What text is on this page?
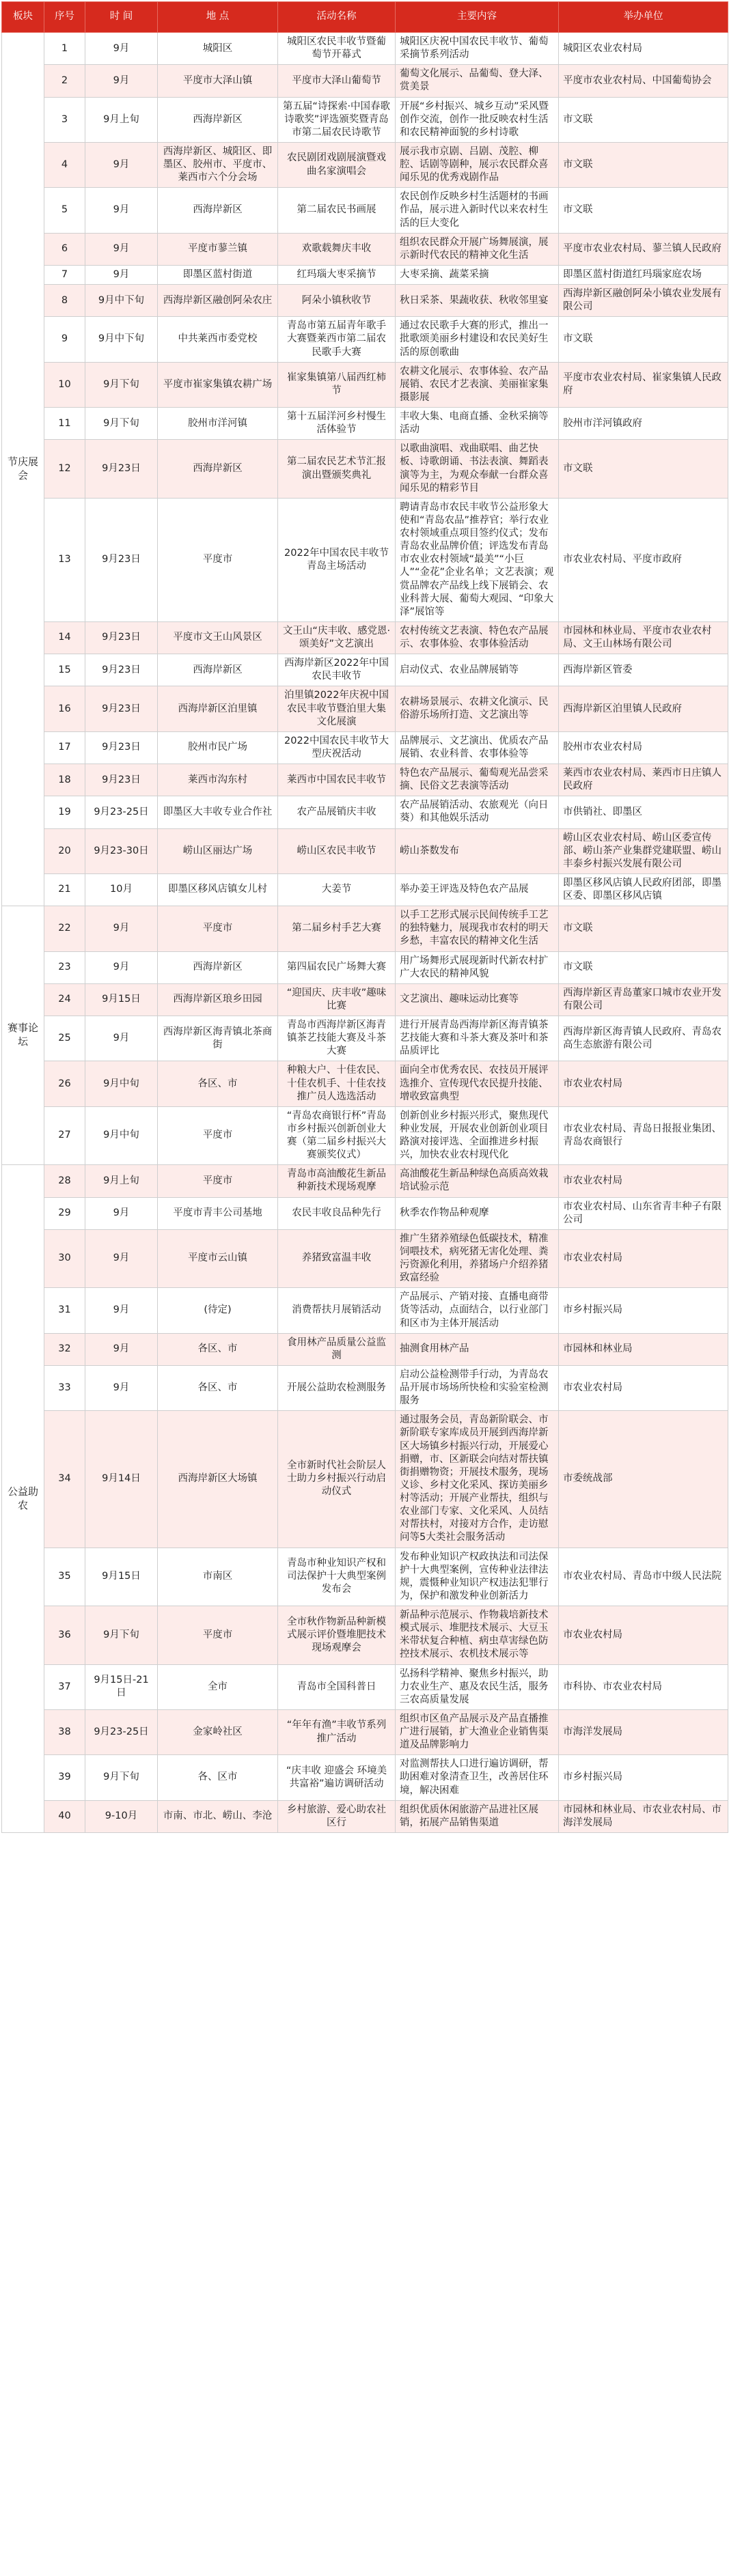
板块	序号	时 间	地 点	活动名称	主要内容	举办单位
节庆展会	1	9月	城阳区	城阳区农民丰收节暨葡萄节开幕式	城阳区庆祝中国农民丰收节、葡萄采摘节系列活动	城阳区农业农村局
	2	9月	平度市大泽山镇	平度市大泽山葡萄节	葡萄文化展示、品葡萄、登大泽、赏美景	平度市农业农村局、中国葡萄协会
	3	9月上旬	西海岸新区	第五届“诗探索·中国春歌诗歌奖”评选颁奖暨青岛市第二届农民诗歌节	开展“乡村振兴、城乡互动”采风暨创作交流，创作一批反映农村生活和农民精神面貌的乡村诗歌	市文联
	4	9月	西海岸新区、城阳区、即墨区、胶州市、平度市、莱西市六个分会场	农民剧团戏剧展演暨戏曲名家演唱会	展示我市京剧、吕剧、茂腔、柳腔、话剧等剧种，展示农民群众喜闻乐见的优秀戏剧作品	市文联
	5	9月	西海岸新区	第二届农民书画展	农民创作反映乡村生活题材的书画作品，展示进入新时代以来农村生活的巨大变化	市文联
	6	9月	平度市蓼兰镇	欢歌载舞庆丰收	组织农民群众开展广场舞展演，展示新时代农民的精神文化生活	平度市农业农村局、蓼兰镇人民政府
	7	9月	即墨区蓝村街道	红玛瑙大枣采摘节	大枣采摘、蔬菜采摘	即墨区蓝村街道红玛瑙家庭农场
	8	9月中下旬	西海岸新区融创阿朵农庄	阿朵小镇秋收节	秋日采茶、果蔬收获、秋收邻里宴	西海岸新区融创阿朵小镇农业发展有限公司
	9	9月中下旬	中共莱西市委党校	青岛市第五届青年歌手大赛暨莱西市第二届农民歌手大赛	通过农民歌手大赛的形式，推出一批歌颂美丽乡村建设和农民美好生活的原创歌曲	市文联
	10	9月下旬	平度市崔家集镇农耕广场	崔家集镇第八届西红柿节	农耕文化展示、农事体验、农产品展销、农民才艺表演、美丽崔家集摄影展	平度市农业农村局、崔家集镇人民政府
	11	9月下旬	胶州市洋河镇	第十五届洋河乡村慢生活体验节	丰收大集、电商直播、金秋采摘等活动	胶州市洋河镇政府
	12	9月23日	西海岸新区	第二届农民艺术节汇报演出暨颁奖典礼	以歌曲演唱、戏曲联唱、曲艺快板、诗歌朗诵、书法表演、舞蹈表演等为主，为观众奉献一台群众喜闻乐见的精彩节目	市文联
	13	9月23日	平度市	2022年中国农民丰收节青岛主场活动	聘请青岛市农民丰收节公益形象大使和“青岛农品”推荐官；举行农业农村领域重点项目签约仪式；发布青岛农业品牌价值；评选发布青岛市农业农村领域“最美”“小巨人”“金花”企业名单；文艺表演；观赏品牌农产品线上线下展销会、农业科普大展、葡萄大观园、“印象大泽”展馆等	市农业农村局、平度市政府
	14	9月23日	平度市文王山风景区	文王山“庆丰收、感党恩·颂美好”文艺演出	农村传统文艺表演、特色农产品展示、农事体验、农事体验活动	市园林和林业局、平度市农业农村局、文王山林场有限公司
	15	9月23日	西海岸新区	西海岸新区2022年中国农民丰收节	启动仪式、农业品牌展销等	西海岸新区管委
	16	9月23日	西海岸新区泊里镇	泊里镇2022年庆祝中国农民丰收节暨泊里大集文化展演	农耕场景展示、农耕文化演示、民俗游乐场所打造、文艺演出等	西海岸新区泊里镇人民政府
	17	9月23日	胶州市民广场	2022中国农民丰收节大型庆祝活动	品牌展示、文艺演出、优质农产品展销、农业科普、农事体验等	胶州市农业农村局
	18	9月23日	莱西市沟东村	莱西市中国农民丰收节	特色农产品展示、葡萄观光品尝采摘、民俗文艺表演等活动	莱西市农业农村局、莱西市日庄镇人民政府
	19	9月23-25日	即墨区大丰收专业合作社	农产品展销庆丰收	农产品展销活动、农旅观光（向日葵）和其他娱乐活动	市供销社、即墨区
	20	9月23-30日	崂山区丽达广场	崂山区农民丰收节	崂山茶数发布	崂山区农业农村局、崂山区委宣传部、崂山茶产业集群党建联盟、崂山丰泰乡村振兴发展有限公司
	21	10月	即墨区移风店镇女儿村	大姜节	举办姜王评选及特色农产品展	即墨区移风店镇人民政府团部，即墨区委、即墨区移风店镇
赛事论坛	22	9月	平度市	第二届乡村手艺大赛	以手工艺形式展示民间传统手工艺的独特魅力，展现我市农村的明天乡愁，丰富农民的精神文化生活	市文联
	23	9月	西海岸新区	第四届农民广场舞大赛	用广场舞形式展现新时代新农村扩广大农民的精神风貌	市文联
	24	9月15日	西海岸新区琅乡田园	“迎国庆、庆丰收”趣味比赛	文艺演出、趣味运动比赛等	西海岸新区青岛董家口城市农业开发有限公司
	25	9月	西海岸新区海青镇北茶商街	青岛市西海岸新区海青镇茶艺技能大赛及斗茶大赛	进行开展青岛西海岸新区海青镇茶艺技能大赛和斗茶大赛及茶叶和茶品质评比	西海岸新区海青镇人民政府、青岛农高生态旅游有限公司
	26	9月中旬	各区、市	种粮大户、十佳农民、十佳农机手、十佳农技推广员人选选活动	面向全市优秀农民、农技员开展评选推介、宣传现代农民提升技能、增收致富典型	市农业农村局
	27	9月中旬	平度市	“青岛农商银行杯”青岛市乡村振兴创新创业大赛（第二届乡村振兴大赛颁奖仪式）	创新创业乡村振兴形式，聚焦现代种业发展，开展农业创新创业项目路演对接评选、全面推进乡村振兴，加快农业农村现代化	市农业农村局、青岛日报报业集团、青岛农商银行
公益助农	28	9月上旬	平度市	青岛市高油酸花生新品种新技术现场观摩	高油酸花生新品种绿色高质高效栽培试验示范	市农业农村局
	29	9月	平度市青丰公司基地	农民丰收良品种先行	秋季农作物品种观摩	市农业农村局、山东省青丰种子有限公司
	30	9月	平度市云山镇	养猪致富温丰收	推广生猪养殖绿色低碳技术，精准饲喂技术，病死猪无害化处理、粪污资源化利用，养猪场户介绍养猪致富经验	市农业农村局
	31	9月	(待定)	消费帮扶月展销活动	产品展示、产销对接、直播电商带货等活动，点面结合，以行业部门和区市为主体开展活动	市乡村振兴局
	32	9月	各区、市	食用林产品质量公益监测	抽测食用林产品	市园林和林业局
	33	9月	各区、市	开展公益助农检测服务	启动公益检测带手行动，为青岛农品开展市场场所快检和实验室检测服务	市农业农村局
	34	9月14日	西海岸新区大场镇	全市新时代社会阶层人士助力乡村振兴行动启动仪式	通过服务会员，青岛新阶联会、市新阶联专家库成员开展到西海岸新区大场镇乡村振兴行动，开展爱心捐赠，市、区新联会向结对帮扶镇街捐赠物资；开展技术服务，现场义诊、乡村文化采风、探访美丽乡村等活动；开展产业帮扶，组织与农业部门专家、文化采风、人员结对帮扶村，对接对方合作，走访慰问等5大类社会服务活动	市委统战部
	35	9月15日	市南区	青岛市种业知识产权和司法保护十大典型案例发布会	发布种业知识产权政执法和司法保护十大典型案例，宣传种业法律法规，震慑种业知识产权违法犯罪行为，保护和激发种业创新活力	市农业农村局、青岛市中级人民法院
	36	9月下旬	平度市	全市秋作物新品种新模式展示评价暨堆肥技术现场观摩会	新品种示范展示、作物栽培新技术模式展示、堆肥技术展示、大豆玉米带状复合种植、病虫草害绿色防控技术展示、农机技术展示等	市农业农村局
	37	9月15日-21日	全市	青岛市全国科普日	弘扬科学精神、聚焦乡村振兴，助力农业生产、惠及农民生活，服务三农高质量发展	市科协、市农业农村局
	38	9月23-25日	金家岭社区	“年年有渔”丰收节系列推广活动	组织市区鱼产品展示及产品直播推广进行展销，扩大渔业企业销售渠道及品牌影响力	市海洋发展局
	39	9月下旬	各、区市	“庆丰收 迎盛会 环境美共富裕”遍访调研活动	对监测帮扶人口进行遍访调研，帮助困难对象清查卫生，改善居住环境，解决困难	市乡村振兴局
	40	9-10月	市南、市北、崂山、李沧	乡村旅游、爱心助农社区行	组织优质休闲旅游产品进社区展销，拓展产品销售渠道	市园林和林业局、市农业农村局、市海洋发展局
